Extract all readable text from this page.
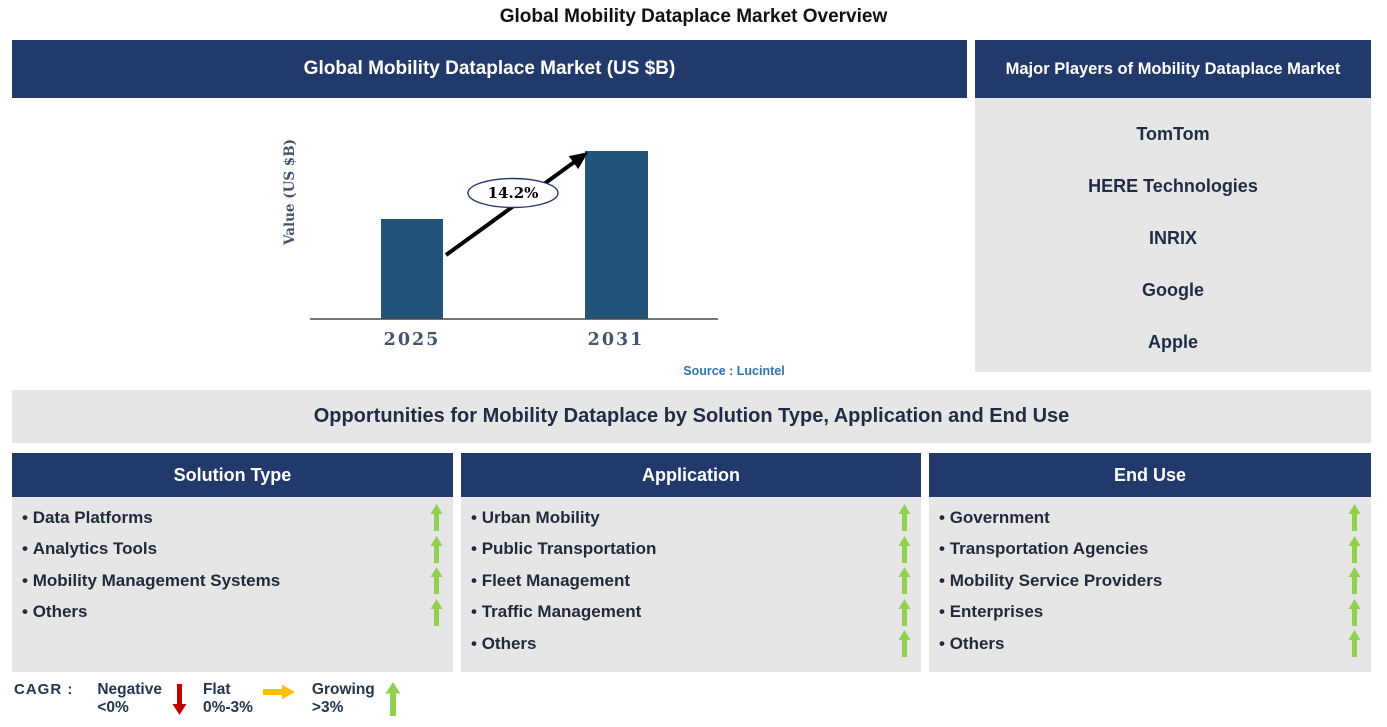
Global Mobility Dataplace Market Overview
Global Mobility Dataplace Market (US $B)
14.2%
Value (US $B)
2025	2031
Source : Lucintel
Major Players of Mobility Dataplace Market
TomTom
HERE Technologies
INRIX
Google
Apple
Opportunities for Mobility Dataplace by Solution Type, Application and End Use
Solution Type
• Data Platforms
• Analytics Tools
• Mobility Management Systems
• Others
Application
• Urban Mobility
• Public Transportation
• Fleet Management
• Traffic Management
• Others
End Use
• Government
• Transportation Agencies
• Mobility Service Providers
• Enterprises
• Others
CAGR : Negative
<0%
Flat
0%-3%
Growing
>3%
